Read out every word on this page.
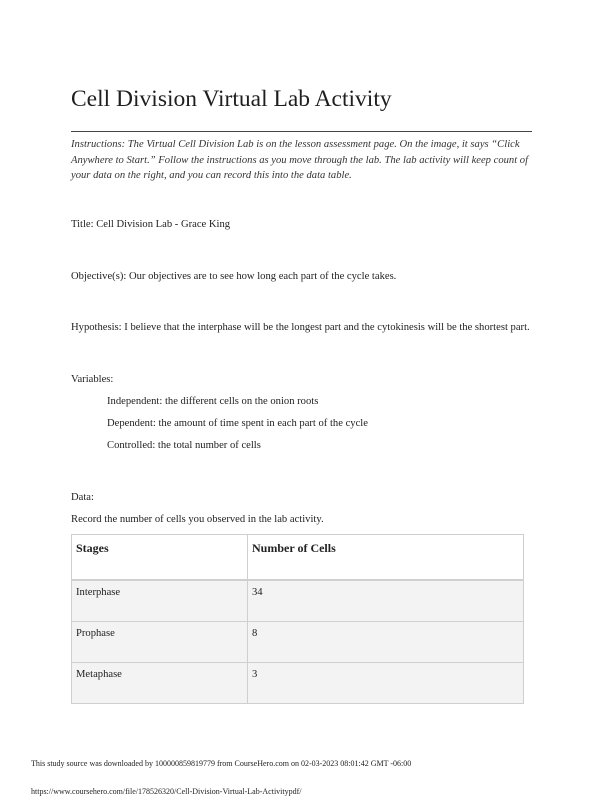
Cell Division Virtual Lab Activity

Instructions: The Virtual Cell Division Lab is on the lesson assessment page. On the image, it says “Click Anywhere to Start.” Follow the instructions as you move through the lab. The lab activity will keep count of your data on the right, and you can record this into the data table.

Title: Cell Division Lab - Grace King

Objective(s): Our objectives are to see how long each part of the cycle takes.

Hypothesis: I believe that the interphase will be the longest part and the cytokinesis will be the shortest part.

Variables:

Independent: the different cells on the onion roots

Dependent: the amount of time spent in each part of the cycle

Controlled: the total number of cells

Data:

Record the number of cells you observed in the lab activity.

Stages	Number of Cells
Interphase	34
Prophase	8
Metaphase	3

This study source was downloaded by 100000859819779 from CourseHero.com on 02-03-2023 08:01:42 GMT -06:00

https://www.coursehero.com/file/178526320/Cell-Division-Virtual-Lab-Activitypdf/
